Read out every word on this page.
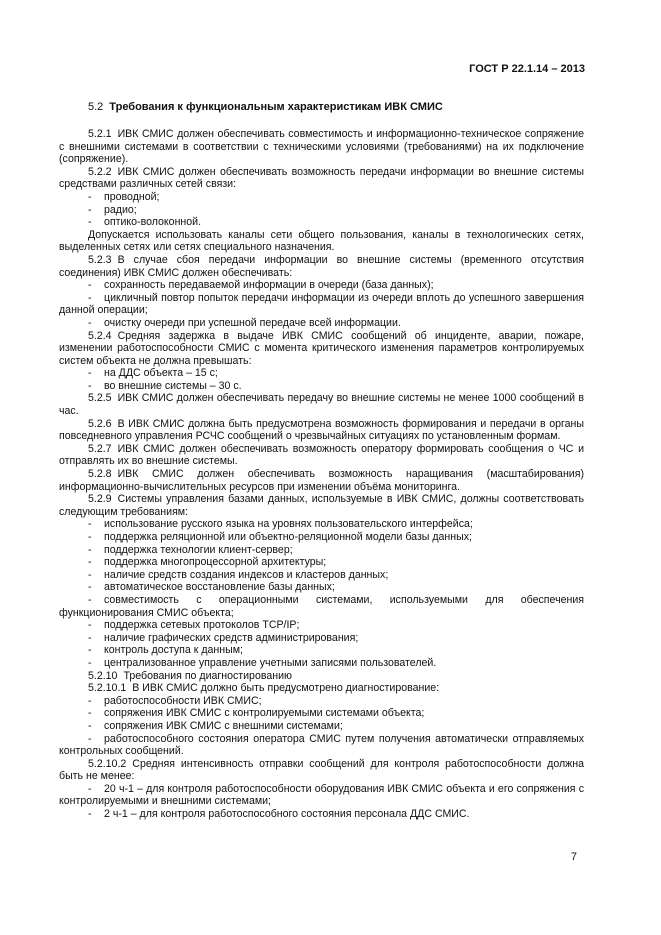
ГОСТ Р 22.1.14 – 2013
5.2 Требования к функциональным характеристикам ИВК СМИС
5.2.1 ИВК СМИС должен обеспечивать совместимость и информационно-техническое сопряжение с внешними системами в соответствии с техническими условиями (требованиями) на их подключение (сопряжение).
5.2.2 ИВК СМИС должен обеспечивать возможность передачи информации во внешние системы средствами различных сетей связи:
- проводной;
- радио;
- оптико-волоконной.
Допускается использовать каналы сети общего пользования, каналы в технологических сетях, выделенных сетях или сетях специального назначения.
5.2.3 В случае сбоя передачи информации во внешние системы (временного отсутствия соединения) ИВК СМИС должен обеспечивать:
- сохранность передаваемой информации в очереди (база данных);
- цикличный повтор попыток передачи информации из очереди вплоть до успешного завершения данной операции;
- очистку очереди при успешной передаче всей информации.
5.2.4 Средняя задержка в выдаче ИВК СМИС сообщений об инциденте, аварии, пожаре, изменении работоспособности СМИС с момента критического изменения параметров контролируемых систем объекта не должна превышать:
- на ДДС объекта – 15 с;
- во внешние системы – 30 с.
5.2.5 ИВК СМИС должен обеспечивать передачу во внешние системы не менее 1000 сообщений в час.
5.2.6 В ИВК СМИС должна быть предусмотрена возможность формирования и передачи в органы повседневного управления РСЧС сообщений о чрезвычайных ситуациях по установленным формам.
5.2.7 ИВК СМИС должен обеспечивать возможность оператору формировать сообщения о ЧС и отправлять их во внешние системы.
5.2.8 ИВК СМИС должен обеспечивать возможность наращивания (масштабирования) информационно-вычислительных ресурсов при изменении объёма мониторинга.
5.2.9 Системы управления базами данных, используемые в ИВК СМИС, должны соответствовать следующим требованиям:
- использование русского языка на уровнях пользовательского интерфейса;
- поддержка реляционной или объектно-реляционной модели базы данных;
- поддержка технологии клиент-сервер;
- поддержка многопроцессорной архитектуры;
- наличие средств создания индексов и кластеров данных;
- автоматическое восстановление базы данных;
- совместимость с операционными системами, используемыми для обеспечения функционирования СМИС объекта;
- поддержка сетевых протоколов TCP/IP;
- наличие графических средств администрирования;
- контроль доступа к данным;
- централизованное управление учетными записями пользователей.
5.2.10 Требования по диагностированию
5.2.10.1 В ИВК СМИС должно быть предусмотрено диагностирование:
- работоспособности ИВК СМИС;
- сопряжения ИВК СМИС с контролируемыми системами объекта;
- сопряжения ИВК СМИС с внешними системами;
- работоспособного состояния оператора СМИС путем получения автоматически отправляемых контрольных сообщений.
5.2.10.2 Средняя интенсивность отправки сообщений для контроля работоспособности должна быть не менее:
- 20 ч-1 – для контроля работоспособности оборудования ИВК СМИС объекта и его сопряжения с контролируемыми и внешними системами;
- 2 ч-1 – для контроля работоспособного состояния персонала ДДС СМИС.
7
